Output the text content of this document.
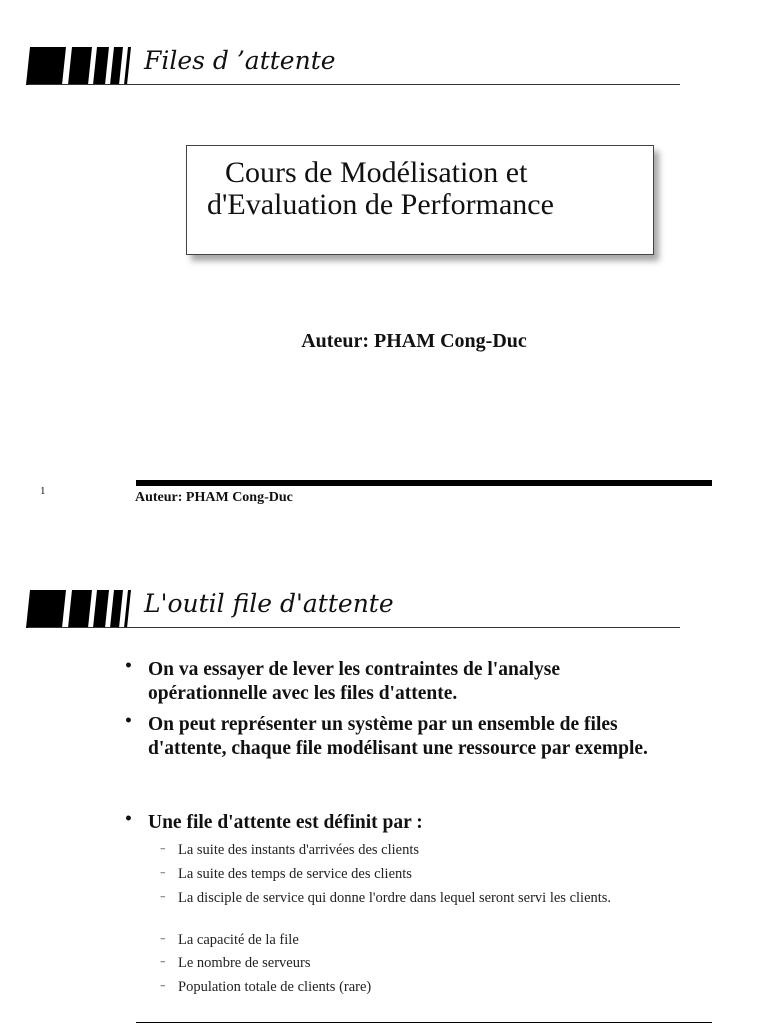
Files d ’attente
Cours de Modélisation et
d'Evaluation de Performance
Auteur: PHAM Cong-Duc
1	Auteur: PHAM Cong-Duc
L'outil file d'attente
• On va essayer de lever les contraintes de l'analyse opérationnelle avec les files d'attente.
• On peut représenter un système par un ensemble de files d'attente, chaque file modélisant une ressource par exemple.
• Une file d'attente est définit par :
– La suite des instants d'arrivées des clients
– La suite des temps de service des clients
– La disciple de service qui donne l'ordre dans lequel seront servi les clients.
– La capacité de la file
– Le nombre de serveurs
– Population totale de clients (rare)
